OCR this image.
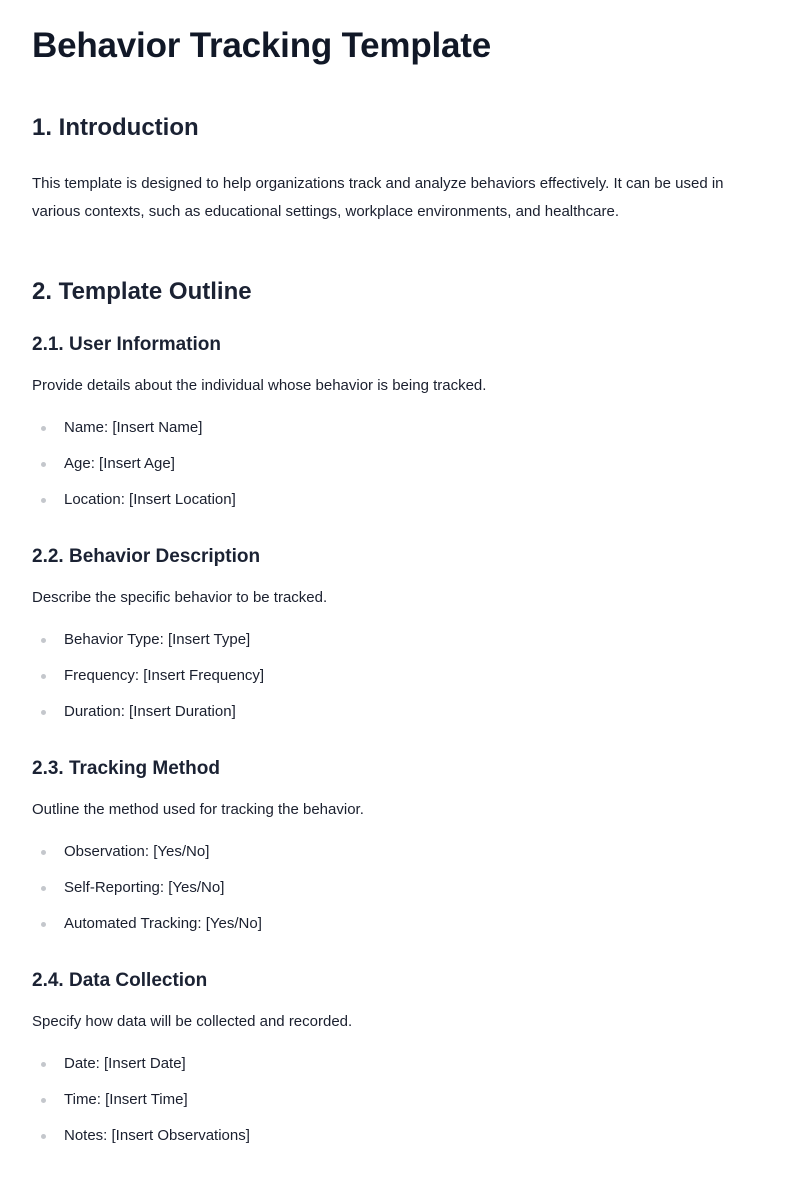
Behavior Tracking Template
1. Introduction

This template is designed to help organizations track and analyze behaviors effectively. It can be used in various contexts, such as educational settings, workplace environments, and healthcare.

2. Template Outline
2.1. User Information

Provide details about the individual whose behavior is being tracked.

Name: [Insert Name]
Age: [Insert Age]
Location: [Insert Location]
2.2. Behavior Description

Describe the specific behavior to be tracked.

Behavior Type: [Insert Type]
Frequency: [Insert Frequency]
Duration: [Insert Duration]
2.3. Tracking Method

Outline the method used for tracking the behavior.

Observation: [Yes/No]
Self-Reporting: [Yes/No]
Automated Tracking: [Yes/No]
2.4. Data Collection

Specify how data will be collected and recorded.

Date: [Insert Date]
Time: [Insert Time]
Notes: [Insert Observations]
